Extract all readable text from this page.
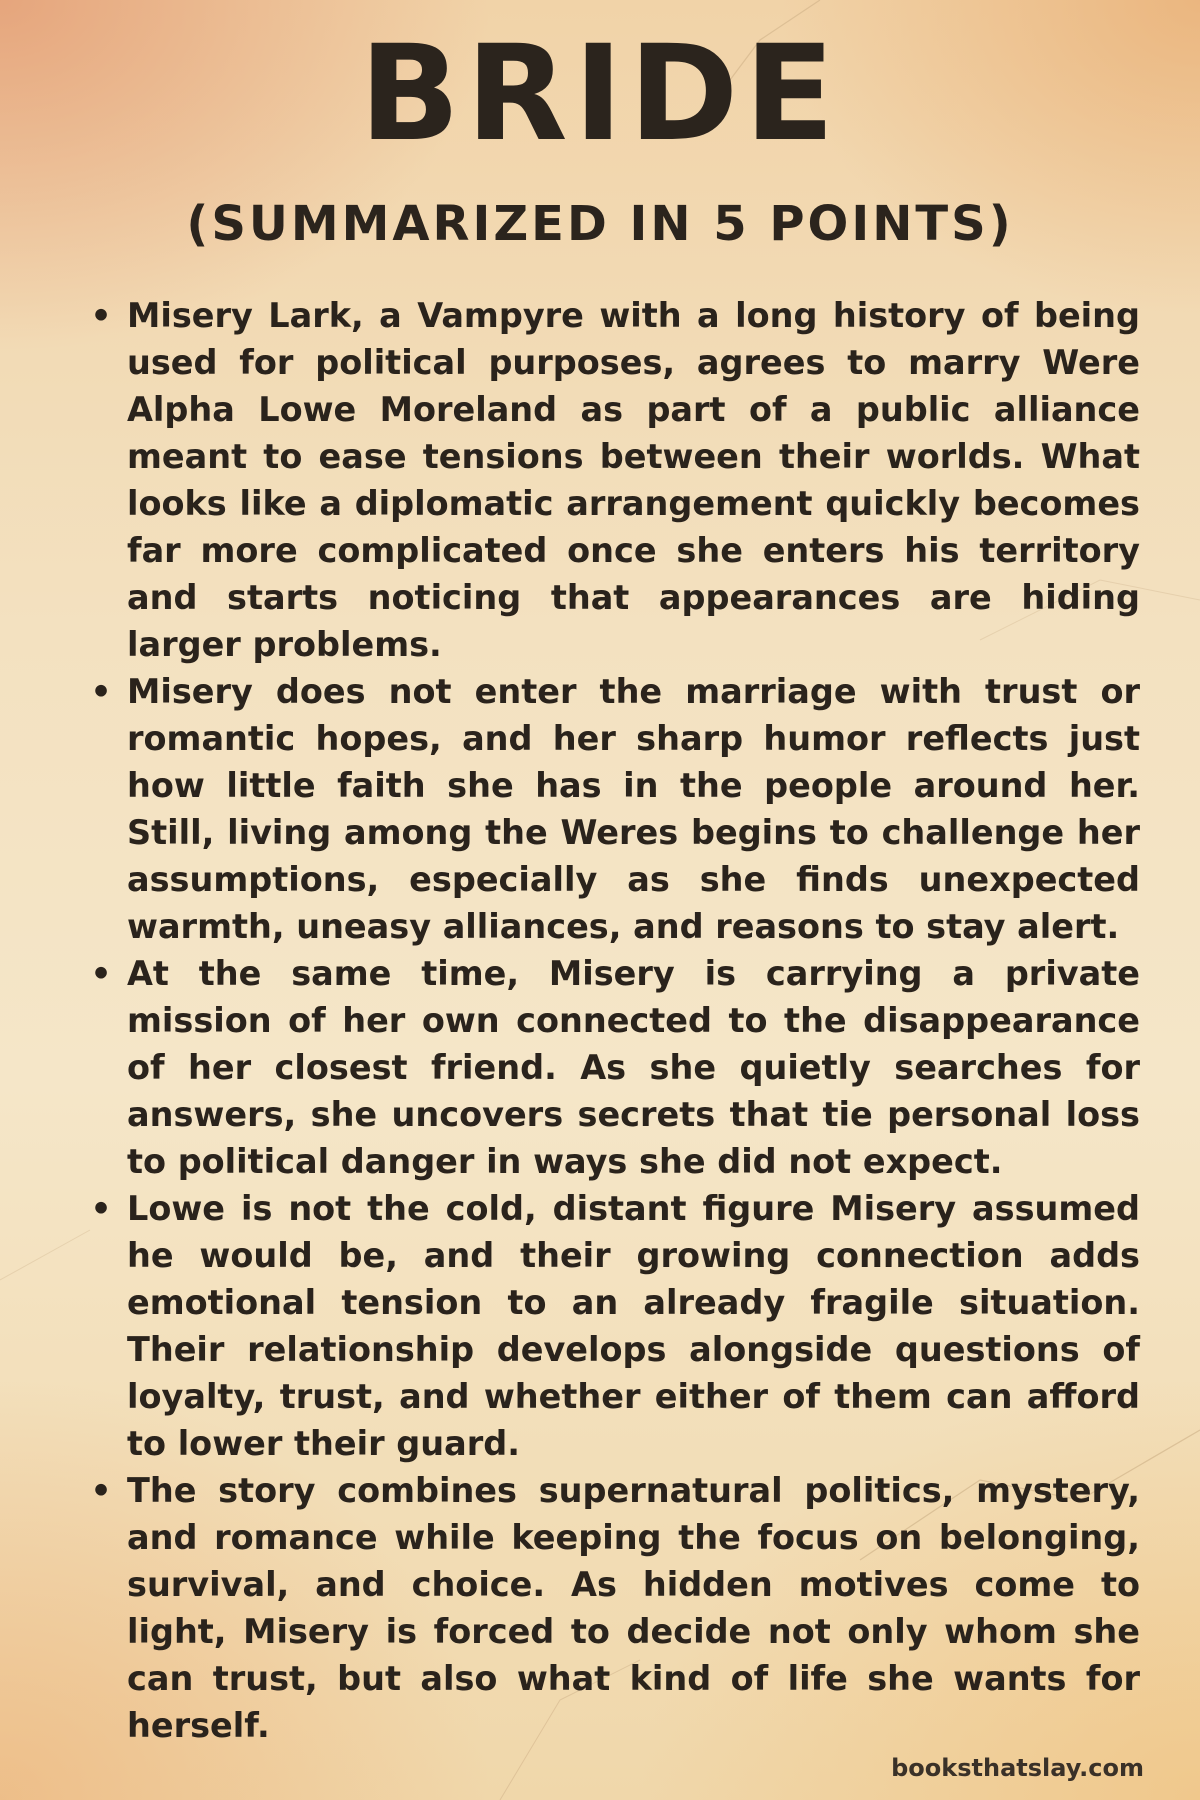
BRIDE
(SUMMARIZED IN 5 POINTS)
• Misery Lark, a Vampyre with a long history of being used for political purposes, agrees to marry Were Alpha Lowe Moreland as part of a public alliance meant to ease tensions between their worlds. What looks like a diplomatic arrangement quickly becomes far more complicated once she enters his territory and starts noticing that appearances are hiding larger problems.
• Misery does not enter the marriage with trust or romantic hopes, and her sharp humor reflects just how little faith she has in the people around her. Still, living among the Weres begins to challenge her assumptions, especially as she finds unexpected warmth, uneasy alliances, and reasons to stay alert.
• At the same time, Misery is carrying a private mission of her own connected to the disappearance of her closest friend. As she quietly searches for answers, she uncovers secrets that tie personal loss to political danger in ways she did not expect.
• Lowe is not the cold, distant figure Misery assumed he would be, and their growing connection adds emotional tension to an already fragile situation. Their relationship develops alongside questions of loyalty, trust, and whether either of them can afford to lower their guard.
• The story combines supernatural politics, mystery, and romance while keeping the focus on belonging, survival, and choice. As hidden motives come to light, Misery is forced to decide not only whom she can trust, but also what kind of life she wants for herself.
booksthatslay.com
